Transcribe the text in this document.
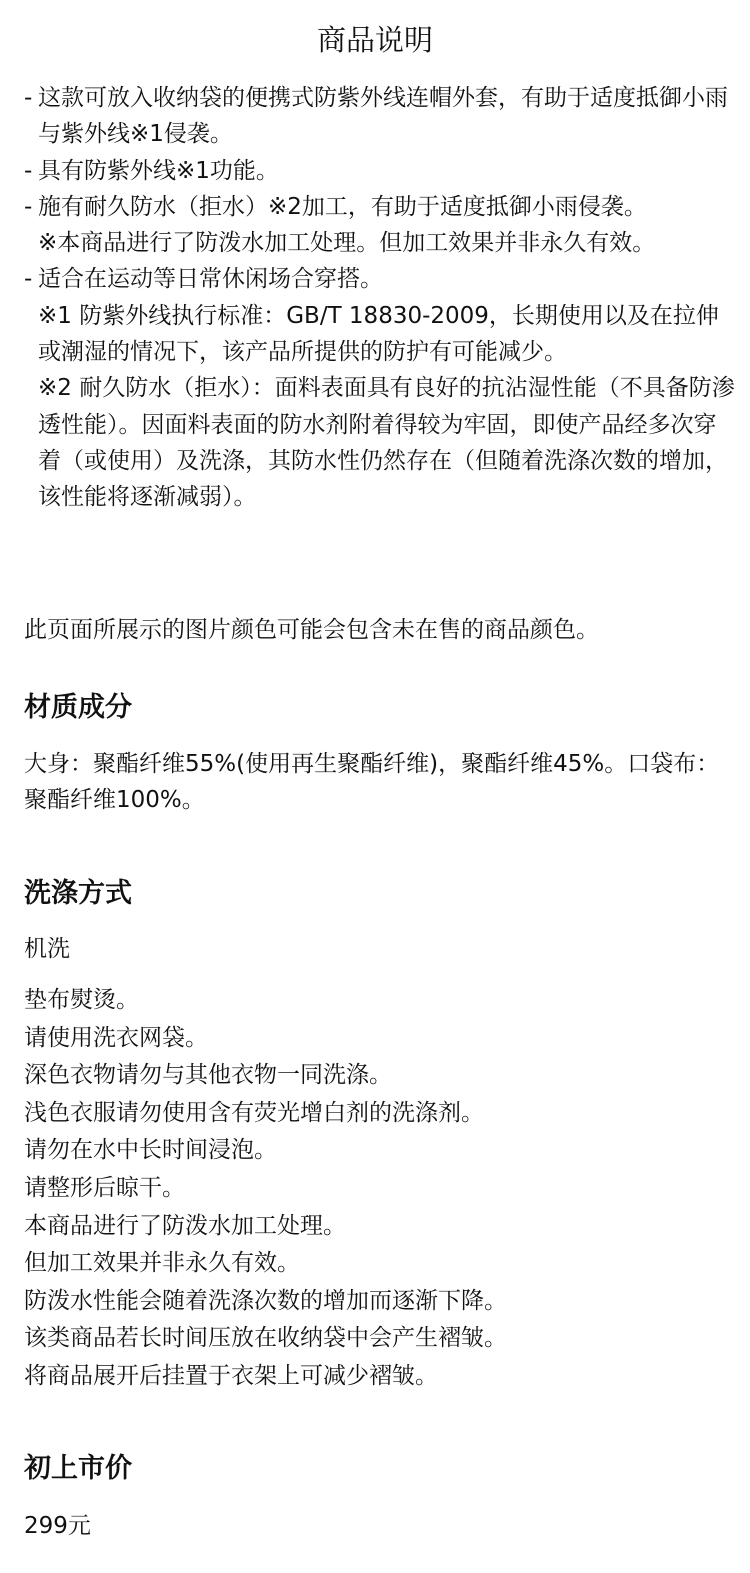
商品说明

- 这款可放入收纳袋的便携式防紫外线连帽外套，有助于适度抵御小雨与紫外线※1侵袭。

- 具有防紫外线※1功能。

- 施有耐久防水（拒水）※2加工，有助于适度抵御小雨侵袭。

※本商品进行了防泼水加工处理。但加工效果并非永久有效。

- 适合在运动等日常休闲场合穿搭。

※1 防紫外线执行标准：GB/T 18830-2009，长期使用以及在拉伸或潮湿的情况下，该产品所提供的防护有可能减少。

※2 耐久防水（拒水）：面料表面具有良好的抗沾湿性能（不具备防渗透性能）。因面料表面的防水剂附着得较为牢固，即使产品经多次穿着（或使用）及洗涤，其防水性仍然存在（但随着洗涤次数的增加，该性能将逐渐减弱）。

此页面所展示的图片颜色可能会包含未在售的商品颜色。

材质成分

大身：聚酯纤维55%(使用再生聚酯纤维)，聚酯纤维45%。口袋布：聚酯纤维100%。

洗涤方式

机洗

垫布熨烫。
请使用洗衣网袋。
深色衣物请勿与其他衣物一同洗涤。
浅色衣服请勿使用含有荧光增白剂的洗涤剂。
请勿在水中长时间浸泡。
请整形后晾干。
本商品进行了防泼水加工处理。
但加工效果并非永久有效。
防泼水性能会随着洗涤次数的增加而逐渐下降。
该类商品若长时间压放在收纳袋中会产生褶皱。
将商品展开后挂置于衣架上可减少褶皱。
初上市价

299元
